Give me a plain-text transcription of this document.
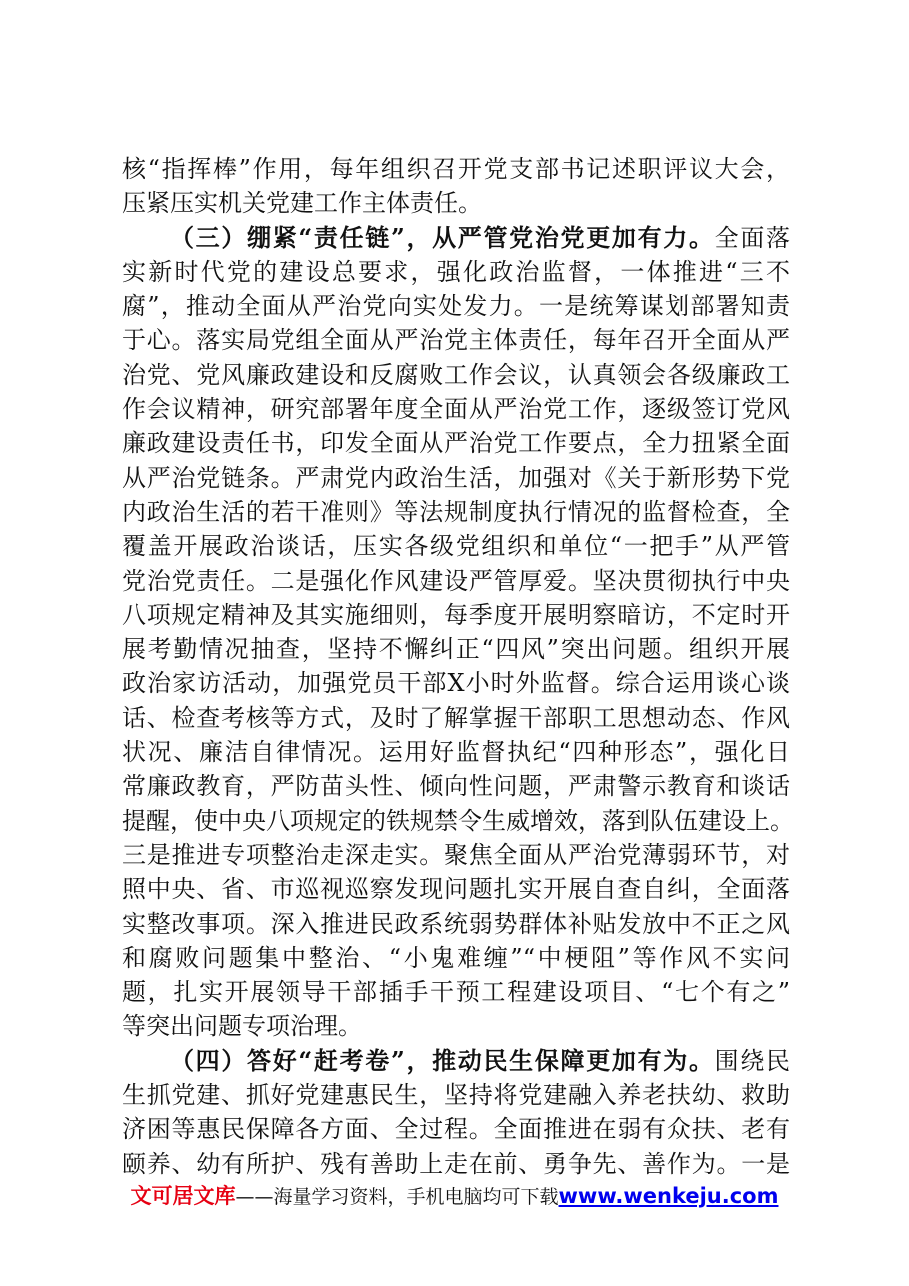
核“指挥棒”作用，每年组织召开党支部书记述职评议大会，
压紧压实机关党建工作主体责任。
（三）绷紧“责任链”，从严管党治党更加有力。全面落
实新时代党的建设总要求，强化政治监督，一体推进“三不
腐”，推动全面从严治党向实处发力。一是统筹谋划部署知责
于心。落实局党组全面从严治党主体责任，每年召开全面从严
治党、党风廉政建设和反腐败工作会议，认真领会各级廉政工
作会议精神，研究部署年度全面从严治党工作，逐级签订党风
廉政建设责任书，印发全面从严治党工作要点，全力扭紧全面
从严治党链条。严肃党内政治生活，加强对《关于新形势下党
内政治生活的若干准则》等法规制度执行情况的监督检查，全
覆盖开展政治谈话，压实各级党组织和单位“一把手”从严管
党治党责任。二是强化作风建设严管厚爱。坚决贯彻执行中央
八项规定精神及其实施细则，每季度开展明察暗访，不定时开
展考勤情况抽查，坚持不懈纠正“四风”突出问题。组织开展
政治家访活动，加强党员干部X小时外监督。综合运用谈心谈
话、检查考核等方式，及时了解掌握干部职工思想动态、作风
状况、廉洁自律情况。运用好监督执纪“四种形态”，强化日
常廉政教育，严防苗头性、倾向性问题，严肃警示教育和谈话
提醒，使中央八项规定的铁规禁令生威增效，落到队伍建设上。
三是推进专项整治走深走实。聚焦全面从严治党薄弱环节，对
照中央、省、市巡视巡察发现问题扎实开展自查自纠，全面落
实整改事项。深入推进民政系统弱势群体补贴发放中不正之风
和腐败问题集中整治、“小鬼难缠”“中梗阻”等作风不实问
题，扎实开展领导干部插手干预工程建设项目、“七个有之”
等突出问题专项治理。
（四）答好“赶考卷”，推动民生保障更加有为。围绕民
生抓党建、抓好党建惠民生，坚持将党建融入养老扶幼、救助
济困等惠民保障各方面、全过程。全面推进在弱有众扶、老有
颐养、幼有所护、残有善助上走在前、勇争先、善作为。一是
文可居文库——海量学习资料，手机电脑均可下载www.wenkeju.com
